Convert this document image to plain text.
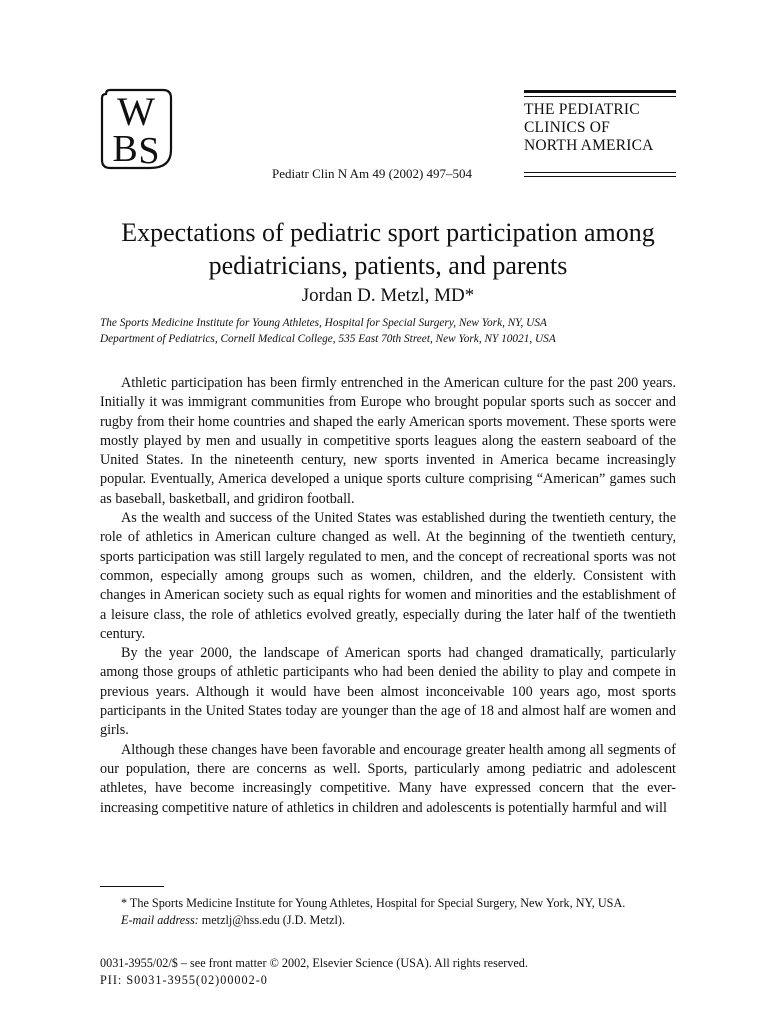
W
B S
THE PEDIATRIC
CLINICS OF
NORTH AMERICA
Pediatr Clin N Am 49 (2002) 497–504
Expectations of pediatric sport participation among pediatricians, patients, and parents
Jordan D. Metzl, MD*
The Sports Medicine Institute for Young Athletes, Hospital for Special Surgery, New York, NY, USA
Department of Pediatrics, Cornell Medical College, 535 East 70th Street, New York, NY 10021, USA

Athletic participation has been firmly entrenched in the American culture for the past 200 years. Initially it was immigrant communities from Europe who brought popular sports such as soccer and rugby from their home countries and shaped the early American sports movement. These sports were mostly played by men and usually in competitive sports leagues along the eastern seaboard of the United States. In the nineteenth century, new sports invented in America became increasingly popular. Eventually, America developed a unique sports culture comprising “American” games such as baseball, basketball, and gridiron football.

As the wealth and success of the United States was established during the twentieth century, the role of athletics in American culture changed as well. At the beginning of the twentieth century, sports participation was still largely regulated to men, and the concept of recreational sports was not common, especially among groups such as women, children, and the elderly. Consistent with changes in American society such as equal rights for women and minorities and the establishment of a leisure class, the role of athletics evolved greatly, especially during the later half of the twentieth century.

By the year 2000, the landscape of American sports had changed dramatically, particularly among those groups of athletic participants who had been denied the ability to play and compete in previous years. Although it would have been almost inconceivable 100 years ago, most sports participants in the United States today are younger than the age of 18 and almost half are women and girls.

Although these changes have been favorable and encourage greater health among all segments of our population, there are concerns as well. Sports, particularly among pediatric and adolescent athletes, have become increasingly competitive. Many have expressed concern that the ever-increasing competitive nature of athletics in children and adolescents is potentially harmful and will

* The Sports Medicine Institute for Young Athletes, Hospital for Special Surgery, New York, NY, USA.

E-mail address: metzlj@hss.edu (J.D. Metzl).

0031-3955/02/$ – see front matter © 2002, Elsevier Science (USA). All rights reserved.
PII: S0031-3955(02)00002-0
